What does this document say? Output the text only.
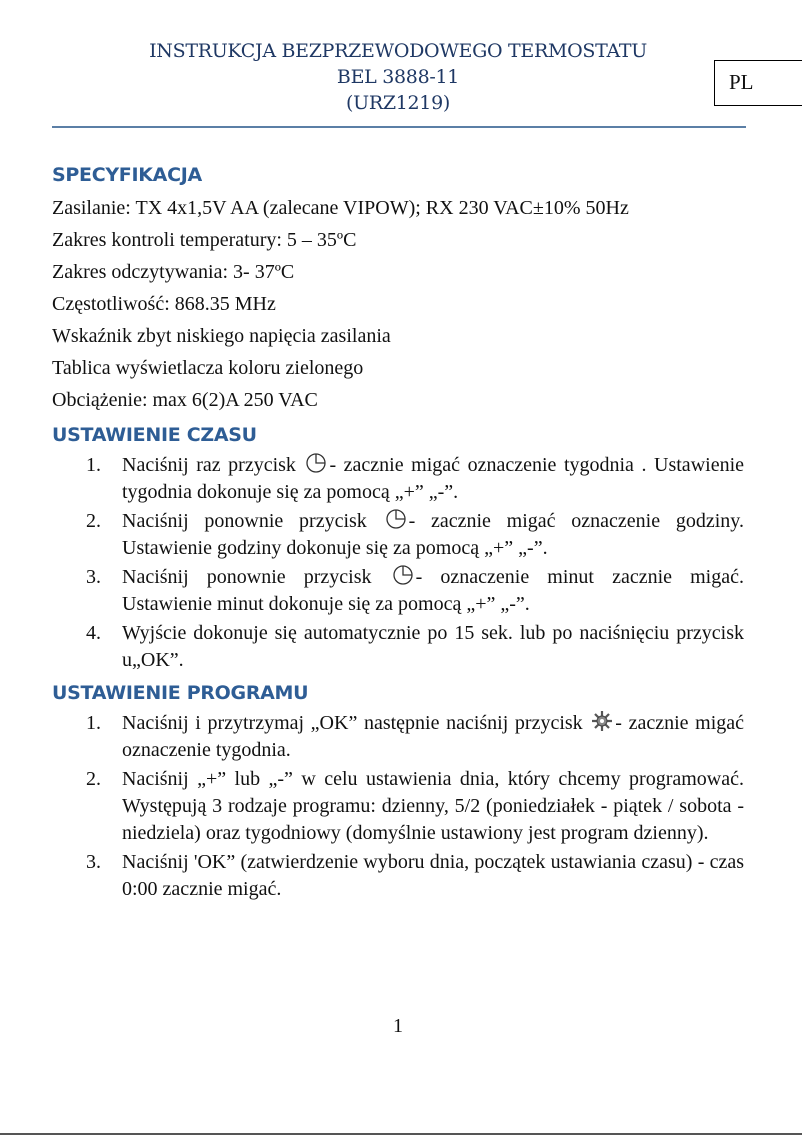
INSTRUKCJA BEZPRZEWODOWEGO TERMOSTATU
BEL 3888-11
(URZ1219)
PL
SPECYFIKACJA
Zasilanie: TX 4x1,5V AA (zalecane VIPOW); RX 230 VAC±10% 50Hz
Zakres kontroli temperatury: 5 – 35ºC
Zakres odczytywania: 3- 37ºC
Częstotliwość: 868.35 MHz
Wskaźnik zbyt niskiego napięcia zasilania
Tablica wyświetlacza koloru zielonego
Obciążenie: max 6(2)A 250 VAC
USTAWIENIE CZASU
1. Naciśnij raz przycisk - zacznie migać oznaczenie tygodnia . Ustawienie tygodnia dokonuje się za pomocą „+” „-”.
2. Naciśnij ponownie przycisk - zacznie migać oznaczenie godziny. Ustawienie godziny dokonuje się za pomocą „+” „-”.
3. Naciśnij ponownie przycisk - oznaczenie minut zacznie migać. Ustawienie minut dokonuje się za pomocą „+” „-”.
4. Wyjście dokonuje się automatycznie po 15 sek. lub po naciśnięciu przycisk u„OK”.
USTAWIENIE PROGRAMU
1. Naciśnij i przytrzymaj „OK” następnie naciśnij przycisk - zacznie migać oznaczenie tygodnia.
2. Naciśnij „+” lub „-” w celu ustawienia dnia, który chcemy programować. Występują 3 rodzaje programu: dzienny, 5/2 (poniedziałek - piątek / sobota - niedziela) oraz tygodniowy (domyślnie ustawiony jest program dzienny).
3. Naciśnij 'OK” (zatwierdzenie wyboru dnia, początek ustawiania czasu) - czas 0:00 zacznie migać.
1
